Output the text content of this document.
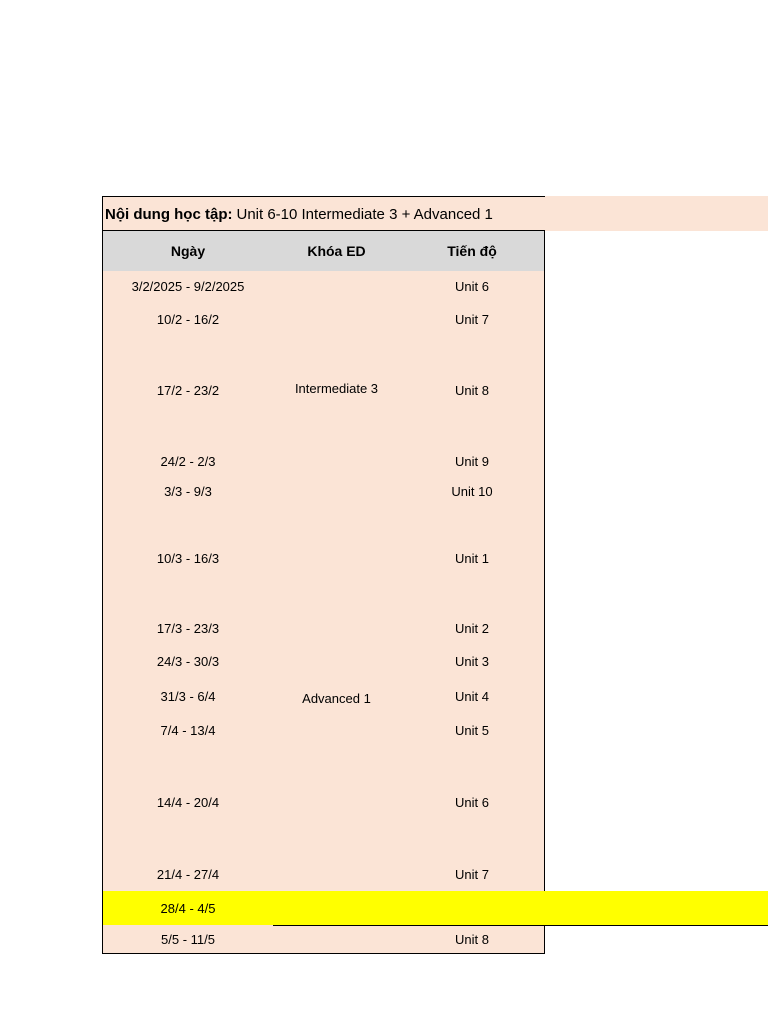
Nội dung học tập: Unit 6-10 Intermediate 3 + Advanced 1
Ngày	Khóa ED	Tiến độ
3/2/2025 - 9/2/2025
10/2 - 16/2
17/2 - 23/2
24/2 - 2/3
3/3 - 9/3
10/3 - 16/3
17/3 - 23/3
24/3 - 30/3
31/3 - 6/4
7/4 - 13/4
14/4 - 20/4
21/4 - 27/4
28/4 - 4/5
5/5 - 11/5
Intermediate 3
Advanced 1
Unit 6
Unit 7
Unit 8
Unit 9
Unit 10
Unit 1
Unit 2
Unit 3
Unit 4
Unit 5
Unit 6
Unit 7
Unit 8
